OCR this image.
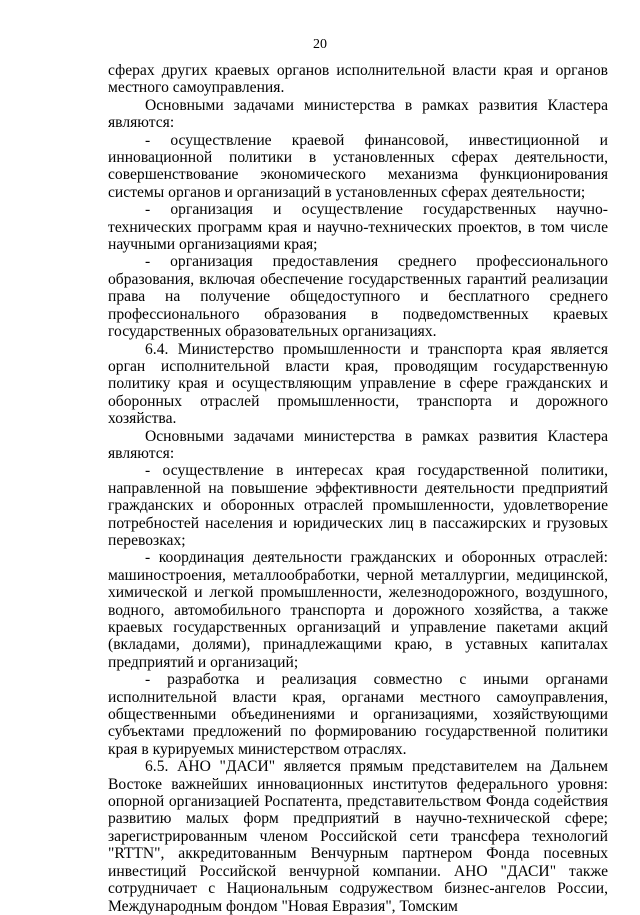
20

сферах других краевых органов исполнительной власти края и органов местного самоуправления.

Основными задачами министерства в рамках развития Кластера являются:

- осуществление краевой финансовой, инвестиционной и инновационной политики в установленных сферах деятельности, совершенствование экономического механизма функционирования системы органов и организаций в установленных сферах деятельности;

- организация и осуществление государственных научно-технических программ края и научно-технических проектов, в том числе научными организациями края;

- организация предоставления среднего профессионального образования, включая обеспечение государственных гарантий реализации права на получение общедоступного и бесплатного среднего профессионального образования в подведомственных краевых государственных образовательных организациях.

6.4. Министерство промышленности и транспорта края является орган исполнительной власти края, проводящим государственную политику края и осуществляющим управление в сфере гражданских и оборонных отраслей промышленности, транспорта и дорожного хозяйства.

Основными задачами министерства в рамках развития Кластера являются:

- осуществление в интересах края государственной политики, направленной на повышение эффективности деятельности предприятий гражданских и оборонных отраслей промышленности, удовлетворение потребностей населения и юридических лиц в пассажирских и грузовых перевозках;

- координация деятельности гражданских и оборонных отраслей: машиностроения, металлообработки, черной металлургии, медицинской, химической и легкой промышленности, железнодорожного, воздушного, водного, автомобильного транспорта и дорожного хозяйства, а также краевых государственных организаций и управление пакетами акций (вкладами, долями), принадлежащими краю, в уставных капиталах предприятий и организаций;

- разработка и реализация совместно с иными органами исполнительной власти края, органами местного самоуправления, общественными объединениями и организациями, хозяйствующими субъектами предложений по формированию государственной политики края в курируемых министерством отраслях.

6.5. АНО "ДАСИ" является прямым представителем на Дальнем Востоке важнейших инновационных институтов федерального уровня: опорной организацией Роспатента, представительством Фонда содействия развитию малых форм предприятий в научно-технической сфере; зарегистрированным членом Российской сети трансфера технологий "RTTN", аккредитованным Венчурным партнером Фонда посевных инвестиций Российской венчурной компании. АНО "ДАСИ" также сотрудничает с Национальным содружеством бизнес-ангелов России, Международным фондом "Новая Евразия", Томским
